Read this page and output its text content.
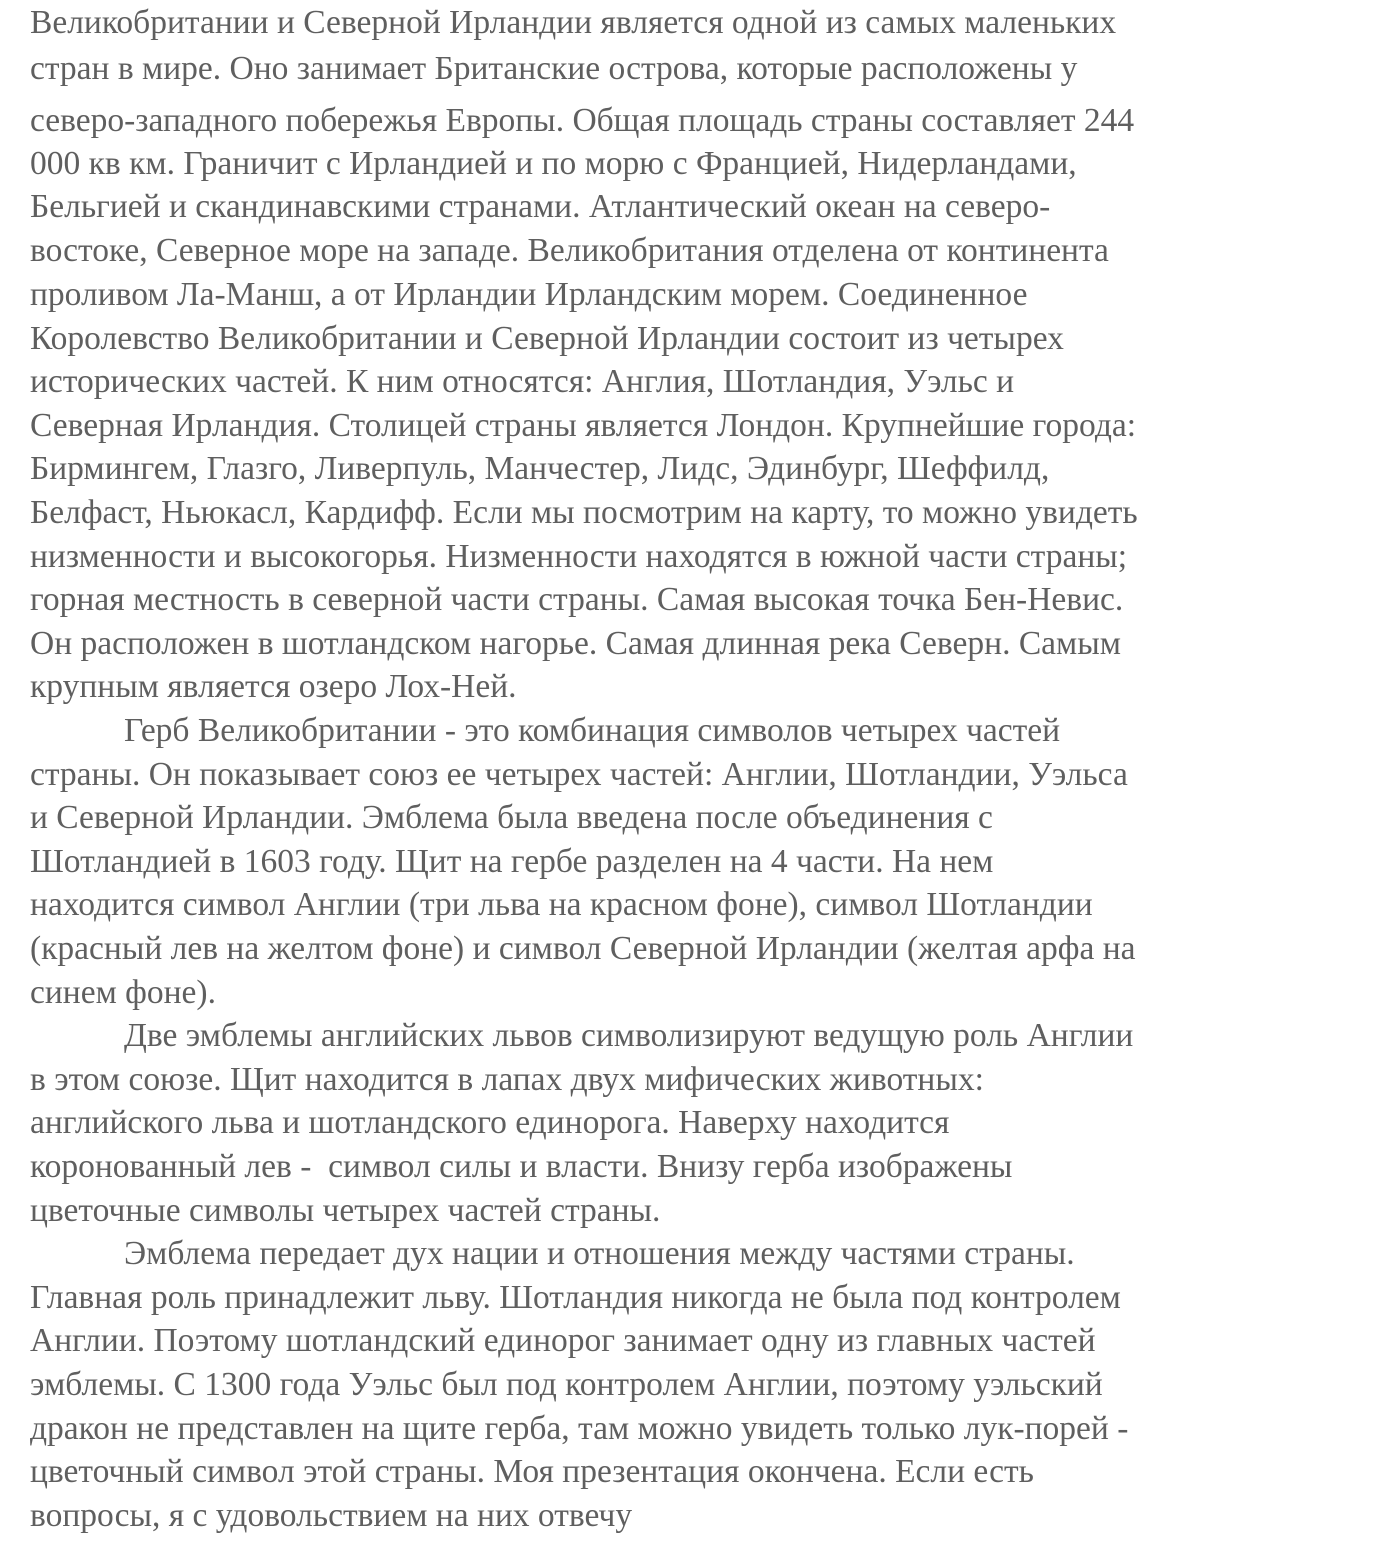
Великобритании и Северной Ирландии является одной из самых маленьких
стран в мире. Оно занимает Британские острова, которые расположены у
северо-западного побережья Европы. Общая площадь страны составляет 244
000 кв км. Граничит с Ирландией и по морю с Францией, Нидерландами,
Бельгией и скандинавскими странами. Атлантический океан на северо-
востоке, Северное море на западе. Великобритания отделена от континента
проливом Ла-Манш, а от Ирландии Ирландским морем. Соединенное
Королевство Великобритании и Северной Ирландии состоит из четырех
исторических частей. К ним относятся: Англия, Шотландия, Уэльс и
Северная Ирландия. Столицей страны является Лондон. Крупнейшие города:
Бирмингем, Глазго, Ливерпуль, Манчестер, Лидс, Эдинбург, Шеффилд,
Белфаст, Ньюкасл, Кардифф. Если мы посмотрим на карту, то можно увидеть
низменности и высокогорья. Низменности находятся в южной части страны;
горная местность в северной части страны. Самая высокая точка Бен-Невис.
Он расположен в шотландском нагорье. Самая длинная река Северн. Самым
крупным является озеро Лох-Ней.
Герб Великобритании - это комбинация символов четырех частей
страны. Он показывает союз ее четырех частей: Англии, Шотландии, Уэльса
и Северной Ирландии. Эмблема была введена после объединения с
Шотландией в 1603 году. Щит на гербе разделен на 4 части. На нем
находится символ Англии (три льва на красном фоне), символ Шотландии
(красный лев на желтом фоне) и символ Северной Ирландии (желтая арфа на
синем фоне).
Две эмблемы английских львов символизируют ведущую роль Англии
в этом союзе. Щит находится в лапах двух мифических животных:
английского льва и шотландского единорога. Наверху находится
коронованный лев -  символ силы и власти. Внизу герба изображены
цветочные символы четырех частей страны.
Эмблема передает дух нации и отношения между частями страны.
Главная роль принадлежит льву. Шотландия никогда не была под контролем
Англии. Поэтому шотландский единорог занимает одну из главных частей
эмблемы. С 1300 года Уэльс был под контролем Англии, поэтому уэльский
дракон не представлен на щите герба, там можно увидеть только лук-порей -
цветочный символ этой страны. Моя презентация окончена. Если есть
вопросы, я с удовольствием на них отвечу
